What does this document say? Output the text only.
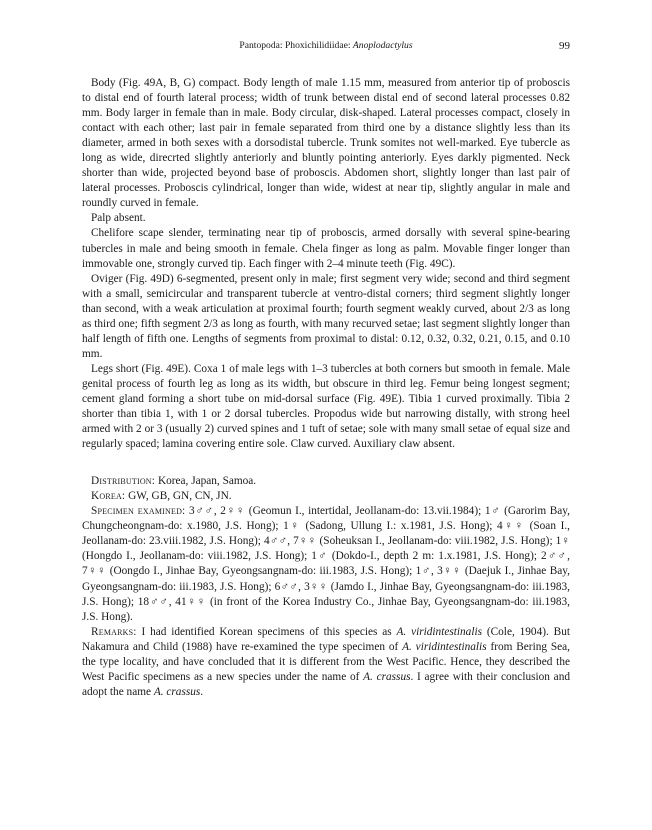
Pantopoda: Phoxichilidiidae: Anoplodactylus	99

Body (Fig. 49A, B, G) compact. Body length of male 1.15 mm, measured from anterior tip of proboscis to distal end of fourth lateral process; width of trunk between distal end of second lateral processes 0.82 mm. Body larger in female than in male. Body circular, disk-shaped. Lateral processes compact, closely in contact with each other; last pair in female separated from third one by a distance slightly less than its diameter, armed in both sexes with a dorsodistal tubercle. Trunk somites not well-marked. Eye tubercle as long as wide, direcrted slightly anteriorly and bluntly pointing anteriorly. Eyes darkly pigmented. Neck shorter than wide, projected beyond base of proboscis. Abdomen short, slightly longer than last pair of lateral processes. Proboscis cylindrical, longer than wide, widest at near tip, slightly angular in male and roundly curved in female.

Palp absent.

Chelifore scape slender, terminating near tip of proboscis, armed dorsally with several spine-bearing tubercles in male and being smooth in female. Chela finger as long as palm. Movable finger longer than immovable one, strongly curved tip. Each finger with 2–4 minute teeth (Fig. 49C).

Oviger (Fig. 49D) 6-segmented, present only in male; first segment very wide; second and third segment with a small, semicircular and transparent tubercle at ventro-distal corners; third segment slightly longer than second, with a weak articulation at proximal fourth; fourth segment weakly curved, about 2/3 as long as third one; fifth segment 2/3 as long as fourth, with many recurved setae; last segment slightly longer than half length of fifth one. Lengths of segments from proximal to distal: 0.12, 0.32, 0.32, 0.21, 0.15, and 0.10 mm.

Legs short (Fig. 49E). Coxa 1 of male legs with 1–3 tubercles at both corners but smooth in female. Male genital process of fourth leg as long as its width, but obscure in third leg. Femur being longest segment; cement gland forming a short tube on mid-dorsal surface (Fig. 49E). Tibia 1 curved proximally. Tibia 2 shorter than tibia 1, with 1 or 2 dorsal tubercles. Propodus wide but narrowing distally, with strong heel armed with 2 or 3 (usually 2) curved spines and 1 tuft of setae; sole with many small setae of equal size and regularly spaced; lamina covering entire sole. Claw curved. Auxiliary claw absent.

Distribution: Korea, Japan, Samoa.

Korea: GW, GB, GN, CN, JN.

Specimen examined: 3♂♂, 2♀♀ (Geomun I., intertidal, Jeollanam-do: 13.vii.1984); 1♂ (Garorim Bay, Chungcheongnam-do: x.1980, J.S. Hong); 1♀ (Sadong, Ullung I.: x.1981, J.S. Hong); 4♀♀ (Soan I., Jeollanam-do: 23.viii.1982, J.S. Hong); 4♂♂, 7♀♀ (Soheuksan I., Jeollanam-do: viii.1982, J.S. Hong); 1♀ (Hongdo I., Jeollanam-do: viii.1982, J.S. Hong); 1♂ (Dokdo-I., depth 2 m: 1.x.1981, J.S. Hong); 2♂♂, 7♀♀ (Oongdo I., Jinhae Bay, Gyeongsangnam-do: iii.1983, J.S. Hong); 1♂, 3♀♀ (Daejuk I., Jinhae Bay, Gyeongsangnam-do: iii.1983, J.S. Hong); 6♂♂, 3♀♀ (Jamdo I., Jinhae Bay, Gyeongsangnam-do: iii.1983, J.S. Hong); 18♂♂, 41♀♀ (in front of the Korea Industry Co., Jinhae Bay, Gyeongsangnam-do: iii.1983, J.S. Hong).

Remarks: I had identified Korean specimens of this species as A. viridintestinalis (Cole, 1904). But Nakamura and Child (1988) have re-examined the type specimen of A. viridintestinalis from Bering Sea, the type locality, and have concluded that it is different from the West Pacific. Hence, they described the West Pacific specimens as a new species under the name of A. crassus. I agree with their conclusion and adopt the name A. crassus.
